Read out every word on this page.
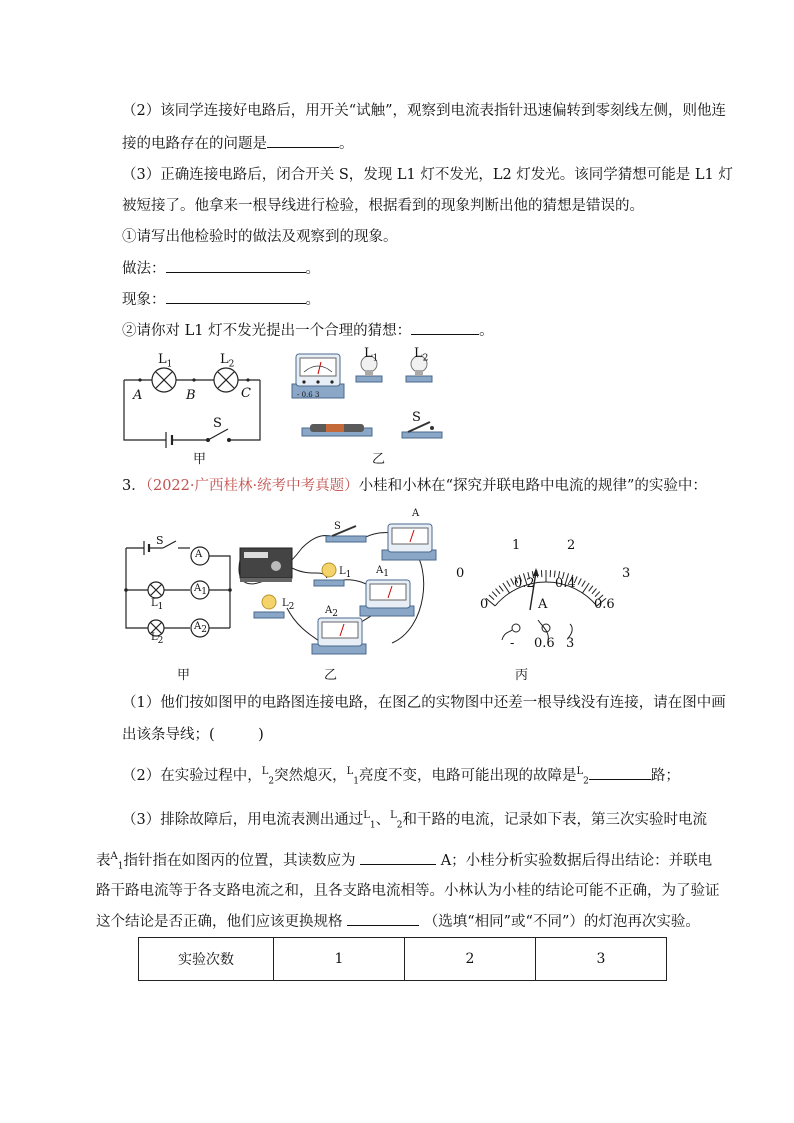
（2）该同学连接好电路后，用开关“试触”，观察到电流表指针迅速偏转到零刻线左侧，则他连
接的电路存在的问题是	。
（3）正确连接电路后，闭合开关 S，发现 L1 灯不发光，L2 灯发光。该同学猜想可能是 L1 灯
被短接了。他拿来一根导线进行检验，根据看到的现象判断出他的猜想是错误的。
①请写出他检验时的做法及观察到的现象。
做法：	。
现象：	。
②请你对 L1 灯不发光提出一个合理的猜想：	。
$L_1$	$L_2$
A	B	C
S
甲
$L_1$	$L_2$
S
- 0.6 3
乙
3．（2022·广西桂林·统考中考真题）小桂和小林在“探究并联电路中电流的规律”的实验中：
S
A
A1
A2
L1
L2
甲
S
A
A1
A2
L1
L2
乙
0
1	2
3
0
0.2 0.4
0.6
A
- 0.6 3
丙
（1）他们按如图甲的电路图连接电路，在图乙的实物图中还差一根导线没有连接，请在图中画
出该条导线；(　　　)
（2）在实验过程中，$^L_2$突然熄灭，$^L_1$亮度不变，电路可能出现的故障是$^L_2$	路；
（3）排除故障后，用电流表测出通过$^L_1$、$^L_2$和干路的电流，记录如下表，第三次实验时电流
表$^A_1$指针指在如图丙的位置，其读数应为	A；小桂分析实验数据后得出结论：并联电
路干路电流等于各支路电流之和，且各支路电流相等。小林认为小桂的结论可能不正确，为了验证
这个结论是否正确，他们应该更换规格	（选填“相同”或“不同”）的灯泡再次实验。
实验次数	1	2	3
